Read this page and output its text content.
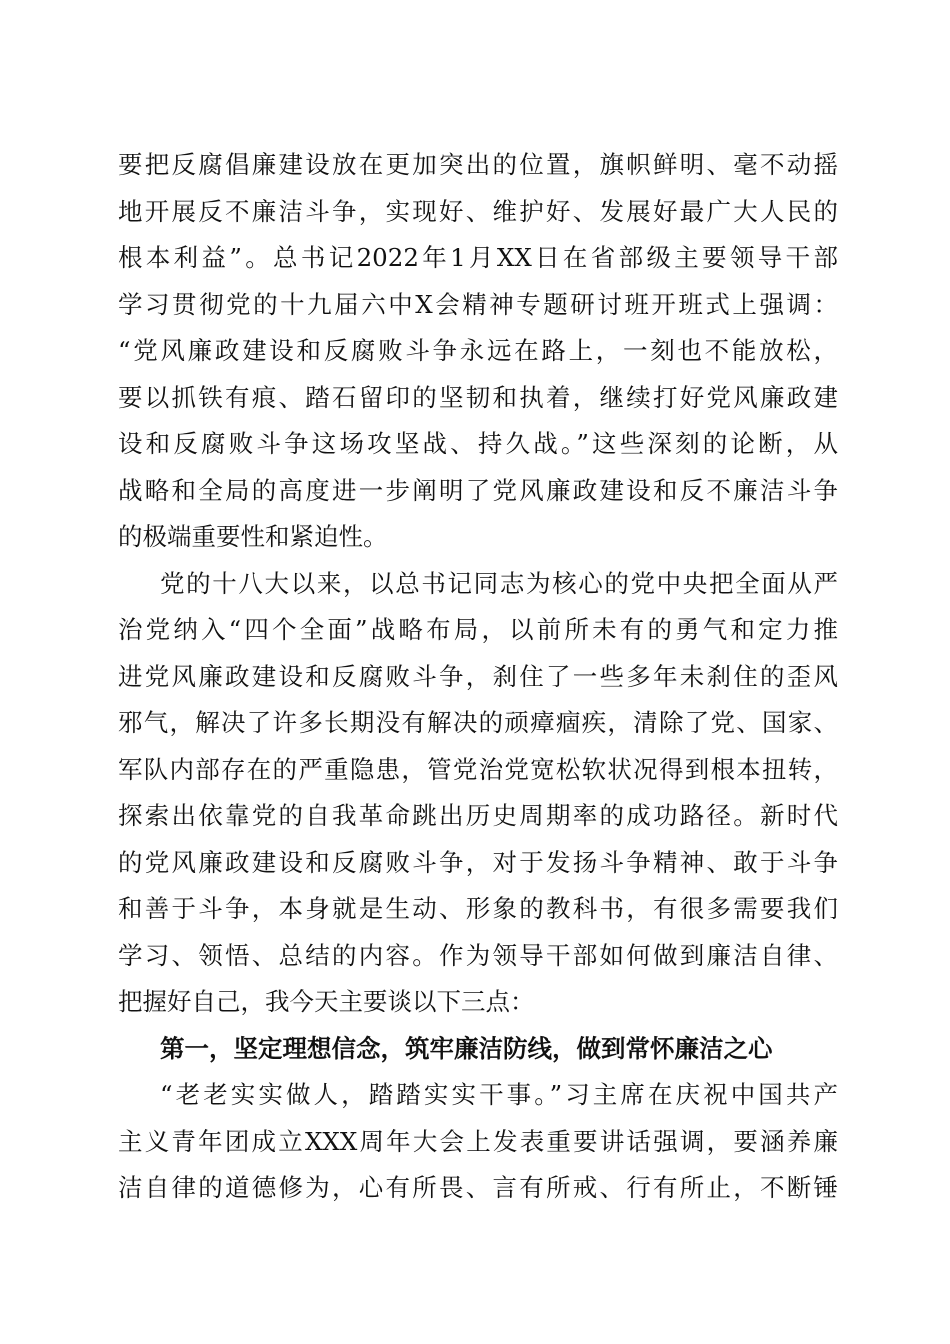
要把反腐倡廉建设放在更加突出的位置，旗帜鲜明、毫不动摇
地开展反不廉洁斗争，实现好、维护好、发展好最广大人民的
根本利益”。总书记2022年1月XX日在省部级主要领导干部
学习贯彻党的十九届六中X会精神专题研讨班开班式上强调：
“党风廉政建设和反腐败斗争永远在路上，一刻也不能放松，
要以抓铁有痕、踏石留印的坚韧和执着，继续打好党风廉政建
设和反腐败斗争这场攻坚战、持久战。”这些深刻的论断，从
战略和全局的高度进一步阐明了党风廉政建设和反不廉洁斗争
的极端重要性和紧迫性。
党的十八大以来，以总书记同志为核心的党中央把全面从严
治党纳入“四个全面”战略布局，以前所未有的勇气和定力推
进党风廉政建设和反腐败斗争，刹住了一些多年未刹住的歪风
邪气，解决了许多长期没有解决的顽瘴痼疾，清除了党、国家、
军队内部存在的严重隐患，管党治党宽松软状况得到根本扭转，
探索出依靠党的自我革命跳出历史周期率的成功路径。新时代
的党风廉政建设和反腐败斗争，对于发扬斗争精神、敢于斗争
和善于斗争，本身就是生动、形象的教科书，有很多需要我们
学习、领悟、总结的内容。作为领导干部如何做到廉洁自律、
把握好自己，我今天主要谈以下三点：
第一，坚定理想信念，筑牢廉洁防线，做到常怀廉洁之心
“老老实实做人，踏踏实实干事。”习主席在庆祝中国共产
主义青年团成立XXX周年大会上发表重要讲话强调，要涵养廉
洁自律的道德修为，心有所畏、言有所戒、行有所止，不断锤
